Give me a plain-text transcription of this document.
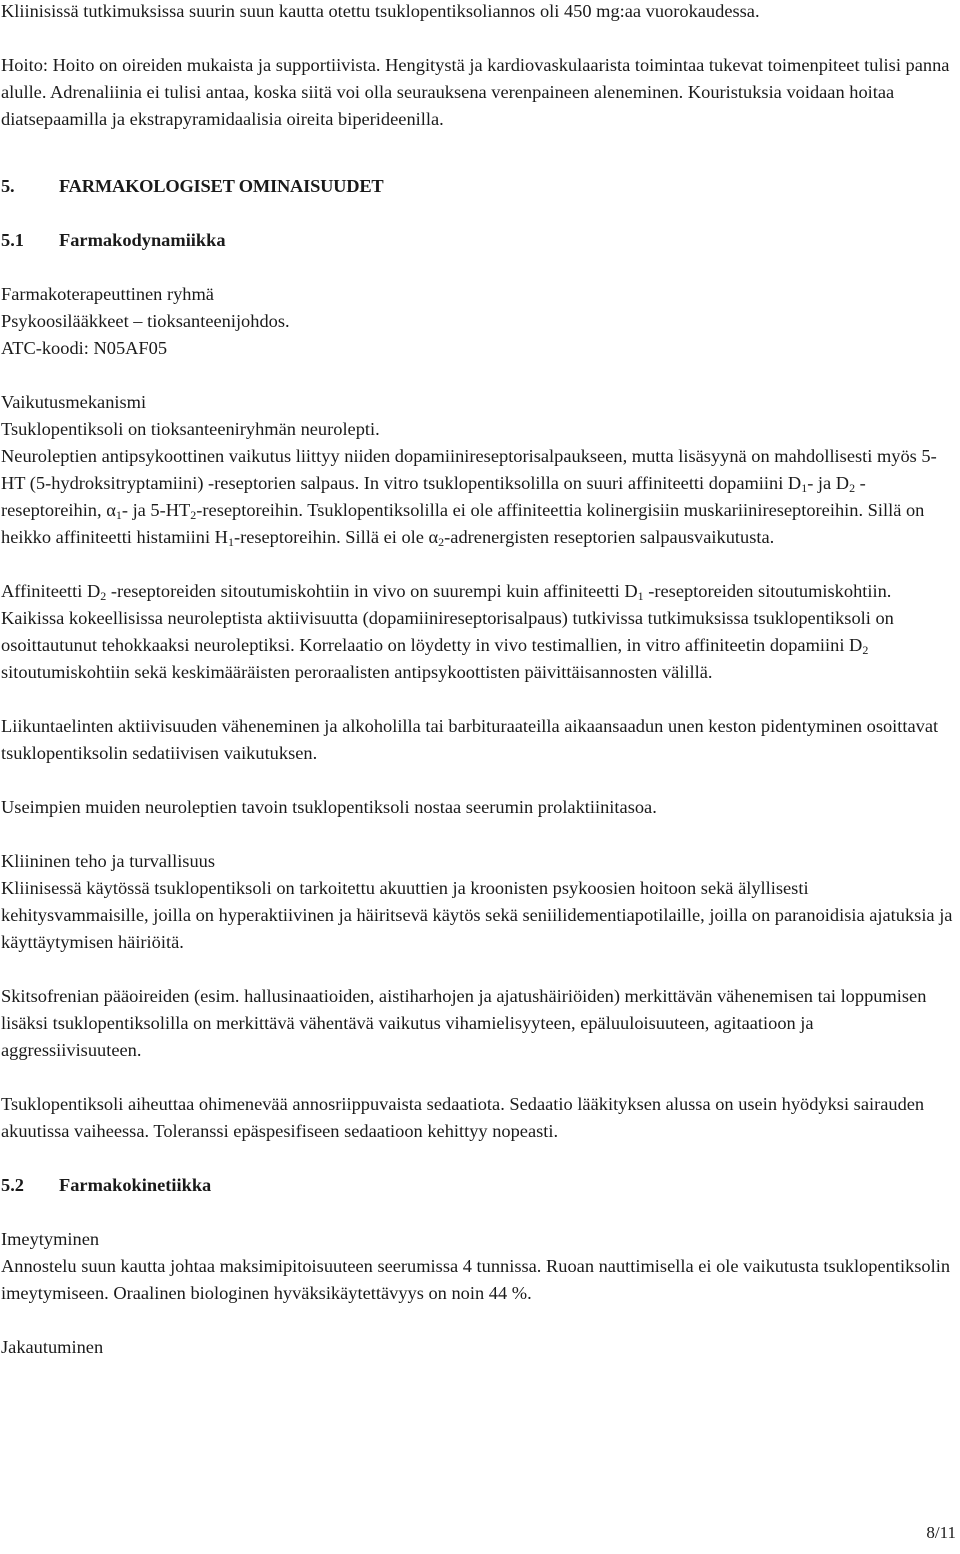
Kliinisissä tutkimuksissa suurin suun kautta otettu tsuklopentiksoliannos oli 450 mg:aa vuorokaudessa.

Hoito: Hoito on oireiden mukaista ja supportiivista. Hengitystä ja kardiovaskulaarista toimintaa tukevat toimenpiteet tulisi panna alulle. Adrenaliinia ei tulisi antaa, koska siitä voi olla seurauksena verenpaineen aleneminen. Kouristuksia voidaan hoitaa diatsepaamilla ja ekstrapyramidaalisia oireita biperideenilla.

5. FARMAKOLOGISET OMINAISUUDET

5.1 Farmakodynamiikka

Farmakoterapeuttinen ryhmä

Psykoosilääkkeet – tioksanteenijohdos.

ATC-koodi: N05AF05

Vaikutusmekanismi

Tsuklopentiksoli on tioksanteeniryhmän neurolepti.

Neuroleptien antipsykoottinen vaikutus liittyy niiden dopamiinireseptorisalpaukseen, mutta lisäsyynä on mahdollisesti myös 5-HT (5-hydroksitryptamiini) -reseptorien salpaus. In vitro tsuklopentiksolilla on suuri affiniteetti dopamiini $D_1-$ ja $D_2$ -reseptoreihin, $\alpha_1-$ ja $5-HT_2$-reseptoreihin. Tsuklopentiksolilla ei ole affiniteettia kolinergisiin muskariinireseptoreihin. Sillä on heikko affiniteetti histamiini $H_1$-reseptoreihin. Sillä ei ole $\alpha_2$-adrenergisten reseptorien salpausvaikutusta.

Affiniteetti $D_2$ -reseptoreiden sitoutumiskohtiin in vivo on suurempi kuin affiniteetti $D_1$ -reseptoreiden sitoutumiskohtiin. Kaikissa kokeellisissa neuroleptista aktiivisuutta (dopamiinireseptorisalpaus) tutkivissa tutkimuksissa tsuklopentiksoli on osoittautunut tehokkaaksi neuroleptiksi. Korrelaatio on löydetty in vivo testimallien, in vitro affiniteetin dopamiini $D_2$ sitoutumiskohtiin sekä keskimääräisten peroraalisten antipsykoottisten päivittäisannosten välillä.

Liikuntaelinten aktiivisuuden väheneminen ja alkoholilla tai barbituraateilla aikaansaadun unen keston pidentyminen osoittavat tsuklopentiksolin sedatiivisen vaikutuksen.

Useimpien muiden neuroleptien tavoin tsuklopentiksoli nostaa seerumin prolaktiinitasoa.

Kliininen teho ja turvallisuus

Kliinisessä käytössä tsuklopentiksoli on tarkoitettu akuuttien ja kroonisten psykoosien hoitoon sekä älyllisesti kehitysvammaisille, joilla on hyperaktiivinen ja häiritsevä käytös sekä seniilidementiapotilaille, joilla on paranoidisia ajatuksia ja käyttäytymisen häiriöitä.

Skitsofrenian pääoireiden (esim. hallusinaatioiden, aistiharhojen ja ajatushäiriöiden) merkittävän vähenemisen tai loppumisen lisäksi tsuklopentiksolilla on merkittävä vähentävä vaikutus vihamielisyyteen, epäluuloisuuteen, agitaatioon ja aggressiivisuuteen.

Tsuklopentiksoli aiheuttaa ohimenevää annosriippuvaista sedaatiota. Sedaatio lääkityksen alussa on usein hyödyksi sairauden akuutissa vaiheessa. Toleranssi epäspesifiseen sedaatioon kehittyy nopeasti.

5.2 Farmakokinetiikka

Imeytyminen

Annostelu suun kautta johtaa maksimipitoisuuteen seerumissa 4 tunnissa. Ruoan nauttimisella ei ole vaikutusta tsuklopentiksolin imeytymiseen. Oraalinen biologinen hyväksikäytettävyys on noin 44 %.

Jakautuminen

8/11
